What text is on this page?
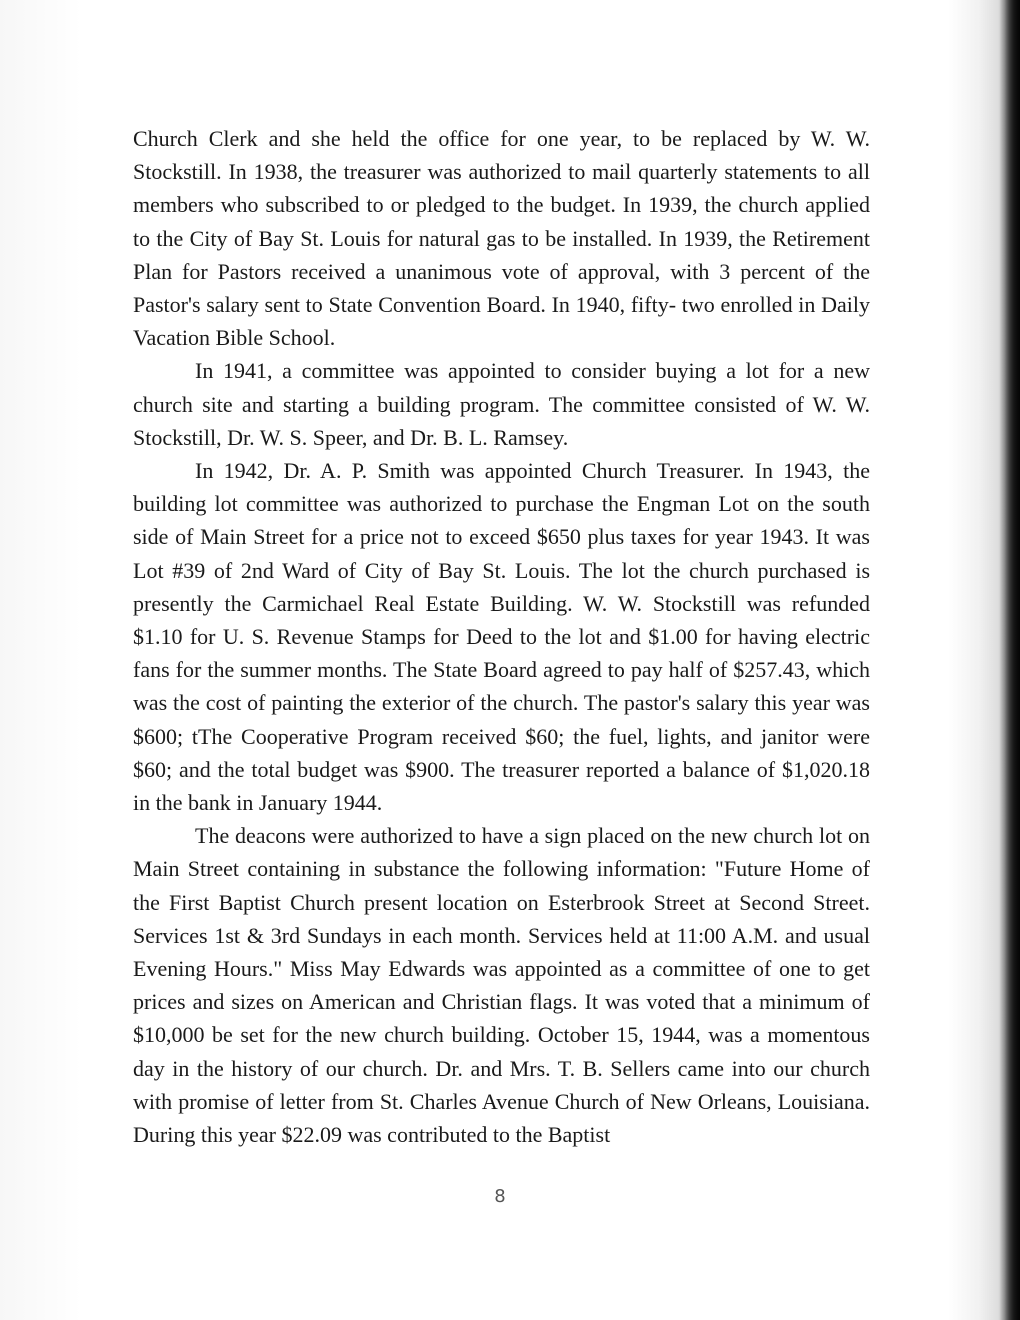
Church Clerk and she held the office for one year, to be replaced by W. W. Stockstill. In 1938, the treasurer was authorized to mail quarterly statements to all members who subscribed to or pledged to the budget. In 1939, the church applied to the City of Bay St. Louis for natural gas to be installed. In 1939, the Retirement Plan for Pastors received a unanimous vote of approval, with 3 percent of the Pastor's salary sent to State Convention Board. In 1940, fifty- two enrolled in Daily Vacation Bible School.

In 1941, a committee was appointed to consider buying a lot for a new church site and starting a building program. The committee consisted of W. W. Stockstill, Dr. W. S. Speer, and Dr. B. L. Ramsey.

In 1942, Dr. A. P. Smith was appointed Church Treasurer. In 1943, the building lot committee was authorized to purchase the Engman Lot on the south side of Main Street for a price not to exceed $650 plus taxes for year 1943. It was Lot #39 of 2nd Ward of City of Bay St. Louis. The lot the church purchased is presently the Carmichael Real Estate Building. W. W. Stockstill was refunded $1.10 for U. S. Revenue Stamps for Deed to the lot and $1.00 for having electric fans for the summer months. The State Board agreed to pay half of $257.43, which was the cost of painting the exterior of the church. The pastor's salary this year was $600; tThe Cooperative Program received $60; the fuel, lights, and janitor were $60; and the total budget was $900. The treasurer reported a balance of $1,020.18 in the bank in January 1944.

The deacons were authorized to have a sign placed on the new church lot on Main Street containing in substance the following information: "Future Home of the First Baptist Church present location on Esterbrook Street at Second Street. Services 1st & 3rd Sundays in each month. Services held at 11:00 A.M. and usual Evening Hours." Miss May Edwards was appointed as a committee of one to get prices and sizes on American and Christian flags. It was voted that a minimum of $10,000 be set for the new church building. October 15, 1944, was a momentous day in the history of our church. Dr. and Mrs. T. B. Sellers came into our church with promise of letter from St. Charles Avenue Church of New Orleans, Louisiana. During this year $22.09 was contributed to the Baptist

8
